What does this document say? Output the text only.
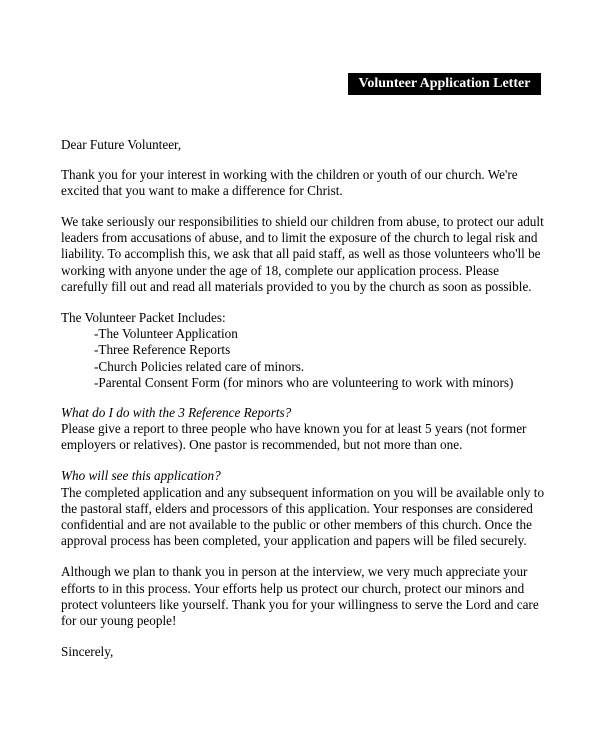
Volunteer Application Letter

Dear Future Volunteer,

Thank you for your interest in working with the children or youth of our church. We're
excited that you want to make a difference for Christ.

We take seriously our responsibilities to shield our children from abuse, to protect our adult
leaders from accusations of abuse, and to limit the exposure of the church to legal risk and
liability. To accomplish this, we ask that all paid staff, as well as those volunteers who'll be
working with anyone under the age of 18, complete our application process. Please
carefully fill out and read all materials provided to you by the church as soon as possible.

The Volunteer Packet Includes:

-The Volunteer Application
-Three Reference Reports
-Church Policies related care of minors.
-Parental Consent Form (for minors who are volunteering to work with minors)

What do I do with the 3 Reference Reports?
Please give a report to three people who have known you for at least 5 years (not former
employers or relatives). One pastor is recommended, but not more than one.

Who will see this application?
The completed application and any subsequent information on you will be available only to
the pastoral staff, elders and processors of this application. Your responses are considered
confidential and are not available to the public or other members of this church. Once the
approval process has been completed, your application and papers will be filed securely.

Although we plan to thank you in person at the interview, we very much appreciate your
efforts to in this process. Your efforts help us protect our church, protect our minors and
protect volunteers like yourself. Thank you for your willingness to serve the Lord and care
for our young people!

Sincerely,
